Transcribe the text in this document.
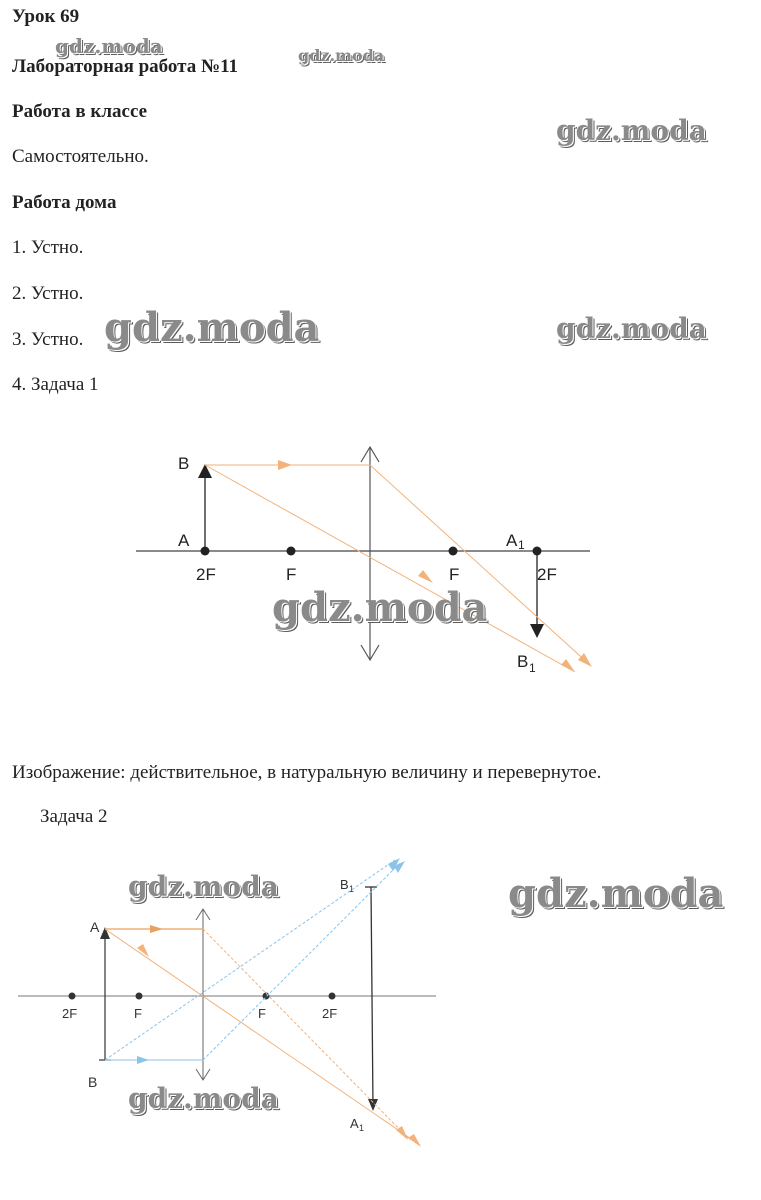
Урок 69
Лабораторная работа №11
Работа в классе
Самостоятельно.
Работа дома
1. Устно.
2. Устно.
3. Устно.
4. Задача 1
Изображение: действительное, в натуральную величину и перевернутое.
Задача 2
B
A	A 1
2F	F	F	2F
B 1
A
B
2F	F	F	2F
B 1
A 1
gdz.moda	gdz.moda
gdz.moda
gdz.moda	gdz.moda
gdz.moda
gdz.moda	gdz.moda
gdz.moda
